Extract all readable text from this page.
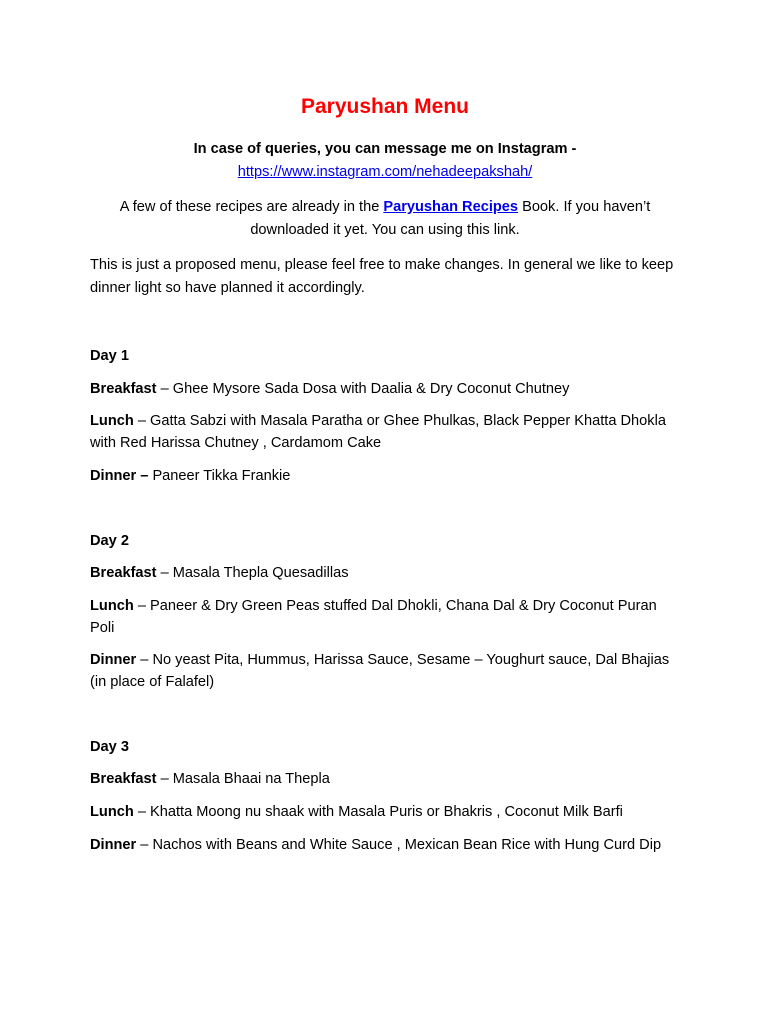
Paryushan Menu

In case of queries, you can message me on Instagram -
https://www.instagram.com/nehadeepakshah/

A few of these recipes are already in the Paryushan Recipes Book. If you haven’t downloaded it yet. You can using this link.

This is just a proposed menu, please feel free to make changes. In general we like to keep dinner light so have planned it accordingly.

Day 1

Breakfast – Ghee Mysore Sada Dosa with Daalia & Dry Coconut Chutney

Lunch – Gatta Sabzi with Masala Paratha or Ghee Phulkas, Black Pepper Khatta Dhokla with Red Harissa Chutney , Cardamom Cake

Dinner – Paneer Tikka Frankie

Day 2

Breakfast – Masala Thepla Quesadillas

Lunch – Paneer & Dry Green Peas stuffed Dal Dhokli, Chana Dal & Dry Coconut Puran Poli

Dinner – No yeast Pita, Hummus, Harissa Sauce, Sesame – Youghurt sauce, Dal Bhajias (in place of Falafel)

Day 3

Breakfast – Masala Bhaai na Thepla

Lunch – Khatta Moong nu shaak with Masala Puris or Bhakris , Coconut Milk Barfi

Dinner – Nachos with Beans and White Sauce , Mexican Bean Rice with Hung Curd Dip
